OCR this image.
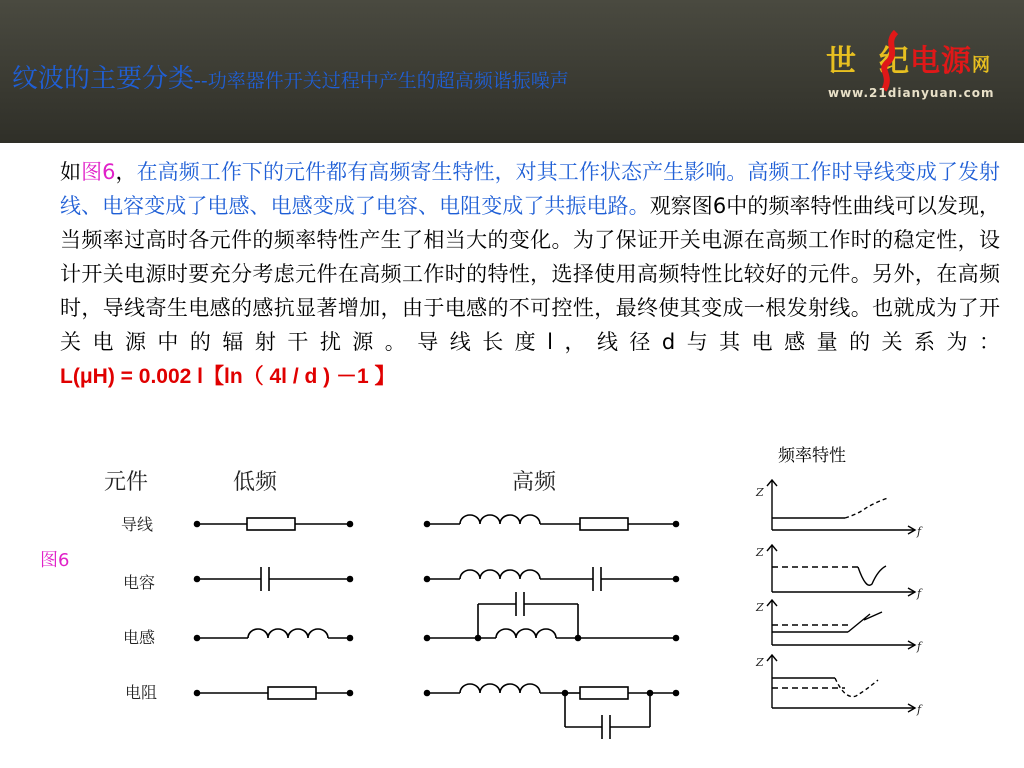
纹波的主要分类--功率器件开关过程中产生的超高频谐振噪声
世 纪电源网
www.21dianyuan.com
如图6，在高频工作下的元件都有高频寄生特性，对其工作状态产生影响。高频工作时导线变成了发射线、电容变成了电感、电感变成了电容、电阻变成了共振电路。观察图6中的频率特性曲线可以发现，当频率过高时各元件的频率特性产生了相当大的变化。为了保证开关电源在高频工作时的稳定性，设计开关电源时要充分考虑元件在高频工作时的特性，选择使用高频特性比较好的元件。另外，在高频时，导线寄生电感的感抗显著增加，由于电感的不可控性，最终使其变成一根发射线。也就成为了开关电源中的辐射干扰源。导线长度l，线径d与其电感量的关系为：L(μH) = 0.002 l【ln（ 4l / d ) －1 】
图6
频率特性
元件	低频	高频
导线
电容
电感
电阻
Z
f
Z
f
Z
f
Z
f
